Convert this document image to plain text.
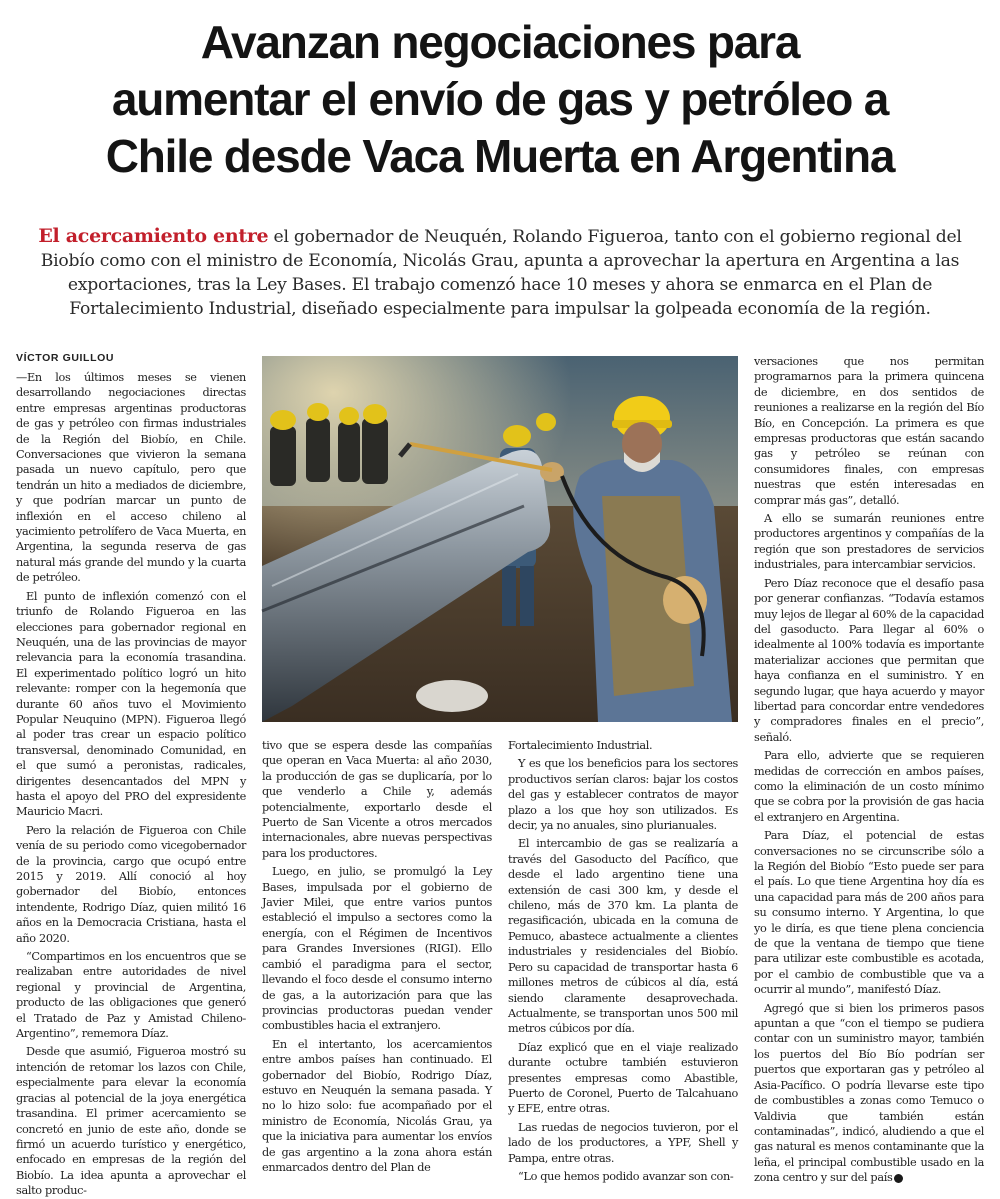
Avanzan negociaciones para
aumentar el envío de gas y petróleo a
Chile desde Vaca Muerta en Argentina
El acercamiento entre el gobernador de Neuquén, Rolando Figueroa, tanto con el gobierno regional del Biobío como con el ministro de Economía, Nicolás Grau, apunta a aprovechar la apertura en Argentina a las exportaciones, tras la Ley Bases. El trabajo comenzó hace 10 meses y ahora se enmarca en el Plan de Fortalecimiento Industrial, diseñado especialmente para impulsar la golpeada economía de la región.
VÍCTOR GUILLOU

—En los últimos meses se vienen desarrollando negociaciones directas entre empresas argentinas productoras de gas y petróleo con firmas industriales de la Región del Biobío, en Chile. Conversaciones que vivieron la semana pasada un nuevo capítulo, pero que tendrán un hito a mediados de diciembre, y que podrían marcar un punto de inflexión en el acceso chileno al yacimiento petrolífero de Vaca Muerta, en Argentina, la segunda reserva de gas natural más grande del mundo y la cuarta de petróleo.

El punto de inflexión comenzó con el triunfo de Rolando Figueroa en las elecciones para gobernador regional en Neuquén, una de las provincias de mayor relevancia para la economía trasandina. El experimentado político logró un hito relevante: romper con la hegemonía que durante 60 años tuvo el Movimiento Popular Neuquino (MPN). Figueroa llegó al poder tras crear un espacio político transversal, denominado Comunidad, en el que sumó a peronistas, radicales, dirigentes desencantados del MPN y hasta el apoyo del PRO del expresidente Mauricio Macri.

Pero la relación de Figueroa con Chile venía de su periodo como vicegobernador de la provincia, cargo que ocupó entre 2015 y 2019. Allí conoció al hoy gobernador del Biobío, entonces intendente, Rodrigo Díaz, quien militó 16 años en la Democracia Cristiana, hasta el año 2020.

“Compartimos en los encuentros que se realizaban entre autoridades de nivel regional y provincial de Argentina, producto de las obligaciones que generó el Tratado de Paz y Amistad Chileno-Argentino”, rememora Díaz.

Desde que asumió, Figueroa mostró su intención de retomar los lazos con Chile, especialmente para elevar la economía gracias al potencial de la joya energética trasandina. El primer acercamiento se concretó en junio de este año, donde se firmó un acuerdo turístico y energético, enfocado en empresas de la región del Biobío. La idea apunta a aprovechar el salto produc-

tivo que se espera desde las compañías que operan en Vaca Muerta: al año 2030, la producción de gas se duplicaría, por lo que venderlo a Chile y, además potencialmente, exportarlo desde el Puerto de San Vicente a otros mercados internacionales, abre nuevas perspectivas para los productores.

Luego, en julio, se promulgó la Ley Bases, impulsada por el gobierno de Javier Milei, que entre varios puntos estableció el impulso a sectores como la energía, con el Régimen de Incentivos para Grandes Inversiones (RIGI). Ello cambió el paradigma para el sector, llevando el foco desde el consumo interno de gas, a la autorización para que las provincias productoras puedan vender combustibles hacia el extranjero.

En el intertanto, los acercamientos entre ambos países han continuado. El gobernador del Biobío, Rodrigo Díaz, estuvo en Neuquén la semana pasada. Y no lo hizo solo: fue acompañado por el ministro de Economía, Nicolás Grau, ya que la iniciativa para aumentar los envíos de gas argentino a la zona ahora están enmarcados dentro del Plan de

Fortalecimiento Industrial.

Y es que los beneficios para los sectores productivos serían claros: bajar los costos del gas y establecer contratos de mayor plazo a los que hoy son utilizados. Es decir, ya no anuales, sino plurianuales.

El intercambio de gas se realizaría a través del Gasoducto del Pacífico, que desde el lado argentino tiene una extensión de casi 300 km, y desde el chileno, más de 370 km. La planta de regasificación, ubicada en la comuna de Pemuco, abastece actualmente a clientes industriales y residenciales del Biobío. Pero su capacidad de transportar hasta 6 millones metros de cúbicos al día, está siendo claramente desaprovechada. Actualmente, se transportan unos 500 mil metros cúbicos por día.

Díaz explicó que en el viaje realizado durante octubre también estuvieron presentes empresas como Abastible, Puerto de Coronel, Puerto de Talcahuano y EFE, entre otras.

Las ruedas de negocios tuvieron, por el lado de los productores, a YPF, Shell y Pampa, entre otras.

“Lo que hemos podido avanzar son con-

versaciones que nos permitan programarnos para la primera quincena de diciembre, en dos sentidos de reuniones a realizarse en la región del Bío Bío, en Concepción. La primera es que empresas productoras que están sacando gas y petróleo se reúnan con consumidores finales, con empresas nuestras que estén interesadas en comprar más gas”, detalló.

A ello se sumarán reuniones entre productores argentinos y compañías de la región que son prestadores de servicios industriales, para intercambiar servicios.

Pero Díaz reconoce que el desafío pasa por generar confianzas. “Todavía estamos muy lejos de llegar al 60% de la capacidad del gasoducto. Para llegar al 60% o idealmente al 100% todavía es importante materializar acciones que permitan que haya confianza en el suministro. Y en segundo lugar, que haya acuerdo y mayor libertad para concordar entre vendedores y compradores finales en el precio”, señaló.

Para ello, advierte que se requieren medidas de corrección en ambos países, como la eliminación de un costo mínimo que se cobra por la provisión de gas hacia el extranjero en Argentina.

Para Díaz, el potencial de estas conversaciones no se circunscribe sólo a la Región del Biobío “Esto puede ser para el país. Lo que tiene Argentina hoy día es una capacidad para más de 200 años para su consumo interno. Y Argentina, lo que yo le diría, es que tiene plena conciencia de que la ventana de tiempo que tiene para utilizar este combustible es acotada, por el cambio de combustible que va a ocurrir al mundo”, manifestó Díaz.

Agregó que si bien los primeros pasos apuntan a que “con el tiempo se pudiera contar con un suministro mayor, también los puertos del Bío Bío podrían ser puertos que exportaran gas y petróleo al Asia-Pacífico. O podría llevarse este tipo de combustibles a zonas como Temuco o Valdivia que también están contaminadas”, indicó, aludiendo a que el gas natural es menos contaminante que la leña, el principal combustible usado en la zona centro y sur del país
